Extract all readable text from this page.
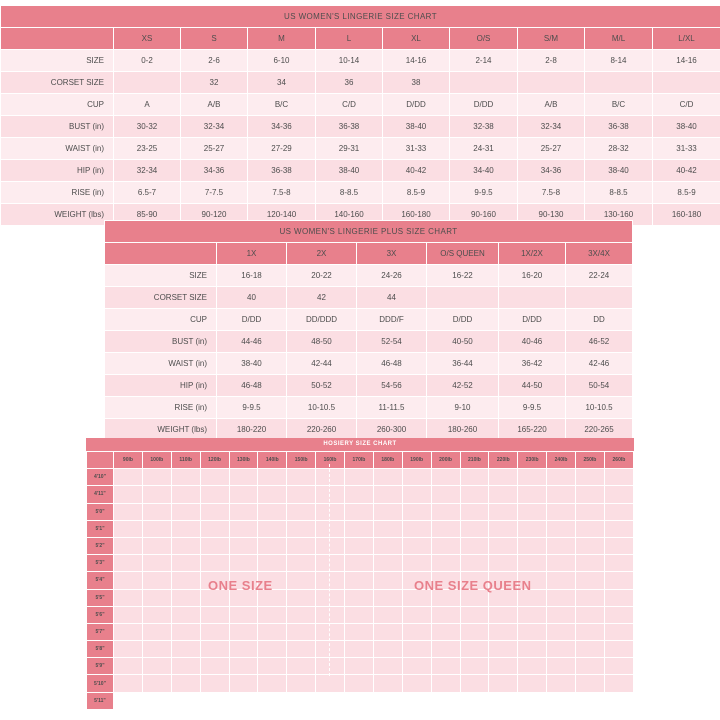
US WOMEN'S LINGERIE SIZE CHART									
	XS	S	M	L	XL	O/S	S/M	M/L	L/XL
SIZE	0-2	2-6	6-10	10-14	14-16	2-14	2-8	8-14	14-16
CORSET SIZE		32	34	36	38				
CUP	A	A/B	B/C	C/D	D/DD	D/DD	A/B	B/C	C/D
BUST (in)	30-32	32-34	34-36	36-38	38-40	32-38	32-34	36-38	38-40
WAIST (in)	23-25	25-27	27-29	29-31	31-33	24-31	25-27	28-32	31-33
HIP (in)	32-34	34-36	36-38	38-40	40-42	34-40	34-36	38-40	40-42
RISE (in)	6.5-7	7-7.5	7.5-8	8-8.5	8.5-9	9-9.5	7.5-8	8-8.5	8.5-9
WEIGHT (lbs)	85-90	90-120	120-140	140-160	160-180	90-160	90-130	130-160	160-180
US WOMEN'S LINGERIE PLUS SIZE CHART						
	1X	2X	3X	O/S QUEEN	1X/2X	3X/4X
SIZE	16-18	20-22	24-26	16-22	16-20	22-24
CORSET SIZE	40	42	44			
CUP	D/DD	DD/DDD	DDD/F	D/DD	D/DD	DD
BUST (in)	44-46	48-50	52-54	40-50	40-46	46-52
WAIST (in)	38-40	42-44	46-48	36-44	36-42	42-46
HIP (in)	46-48	50-52	54-56	42-52	44-50	50-54
RISE (in)	9-9.5	10-10.5	11-11.5	9-10	9-9.5	10-10.5
WEIGHT (lbs)	180-220	220-260	260-300	180-260	165-220	220-265
HOSIERY SIZE CHART
	90lb	100lb	110lb	120lb	130lb	140lb	150lb	160lb	170lb	180lb	190lb	200lb	210lb	220lb	230lb	240lb	250lb	260lb
4'10"																		
4'11"																		
5'0"																		
5'1"																		
5'2"																		
5'3"																		
5'4"																		
5'5"																		
5'6"																		
5'7"																		
5'8"																		
5'9"																		
5'10"																		
5'11"																		
ONE SIZE	ONE SIZE QUEEN
